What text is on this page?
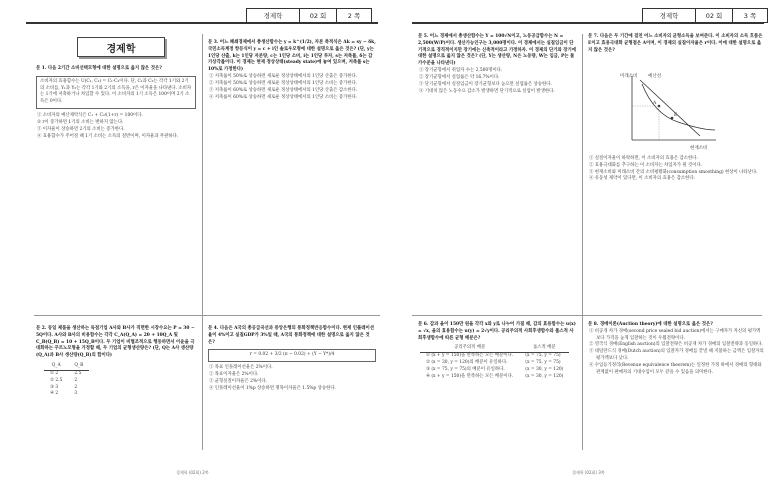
경제학	02 회	2 쪽
경제학
문 1. 다음 2기간 소비선택모형에 대한 설명으로 옳지 않은 것은?
소비자의 효용함수는 U(C₁, C₂) = C₁·C₂이다. 단, C₁과 C₂는 각각 1기와 2기의 소비를, Y₁과 Y₂는 각각 1기와 2기의 소득을, r은 이자율을 나타낸다. 소비자는 1기에 저축하거나 차입할 수 있다. 이 소비자의 1기 소득은 100이며 2기 소득은 0이다.
① 소비자의 예산제약식은 C₁ + C₂/(1+r) = 100이다.
② r이 증가하면 1기의 소비는 변하지 않는다.
③ 이자율이 상승하면 2기의 소비는 증가한다.
④ 효용함수가 주어질 때 1기 소비는 소득의 절반이며, 이자율과 무관하다.
문 3. 어느 폐쇄경제에서 총생산함수는 y = k^(1/2), 자본 축적식은 Δk = sy − δk, 국민소득계정 항등식이 y = c + i인 솔로우모형에 대한 설명으로 옳은 것은? (단, y는 1인당 산출, k는 1인당 자본량, c는 1인당 소비, i는 1인당 투자, s는 저축률, δ는 감가상각률이다. 이 경제는 현재 정상상태(steady state)에 놓여 있으며, 저축률 s는 10%로 가정한다)
① 저축률이 50%로 상승하면 새로운 정상상태에서의 1인당 산출은 증가한다.
② 저축률이 50%로 상승하면 새로운 정상상태에서의 1인당 소비는 증가한다.
③ 저축률이 60%로 상승하면 새로운 정상상태에서의 1인당 산출은 감소한다.
④ 저축률이 60%로 상승하면 새로운 정상상태에서의 1인당 소비는 증가한다.
문 2. 동일 제품을 생산하는 독점기업 A사와 B사가 직면한 시장수요는 P = 30 − 5Q이다. A사와 B사의 비용함수는 각각 C_A(Q_A) = 20 + 10Q_A 및 C_B(Q_B) = 10 + 15Q_B이다. 두 기업이 비협조적으로 행동하면서 이윤을 극대화하는 꾸르노모형을 가정할 때, 두 기업의 균형생산량은? (단, Q는 A사 생산량(Q_A)과 B사 생산량(Q_B)의 합이다)
Q_A	Q_B
① 2	2.5
② 2.5	2
③ 3	2
④ 2	3
문 4. 다음은 A국의 총공급곡선과 중앙은행의 통화정책반응함수이다. 현재 인플레이션율이 4%이고 실질GDP가 3%일 때, A국의 통화정책에 대한 설명으로 옳지 않은 것은?
r = 0.02 + 3/2 (π − 0.02) + (Y − Y*)/4
① 목표 인플레이션율은 2%이다.
② 목표이자율은 2%이다.
③ 균형실질이자율은 2%이다.
④ 인플레이션율이 1%p 상승하면 명목이자율은 1.5%p 상승한다.
경제학 (02회) 2쪽
경제학	02 회	3 쪽
문 5. 어느 경제에서 총생산함수는 Y = 100√N이고, 노동공급함수는 N = 2,500(W/P)이다. 생산가능인구는 3,000명이다. 이 경제에서는 실질임금이 단기적으로 경직적이지만 장기에는 신축적이라고 가정하자. 이 경제의 단기와 장기에 대한 설명으로 옳지 않은 것은? (단, Y는 생산량, N은 노동량, W는 임금, P는 물가수준을 나타낸다)
① 장기균형에서 취업자 수는 2,500명이다.
② 장기균형에서 실업률은 약 16.7%이다.
③ 단기균형에서 실질임금이 장기균형보다 높으면 실업률은 상승한다.
④ 기대치 않은 노동수요 감소가 발생하면 단기적으로 실업이 발생한다.
문 7. 다음은 두 기간에 걸친 어느 소비자의 균형소득을 보여준다. 이 소비자의 소득 흐름은 E이고 효용극대화 균형점은 A이며, 이 경제의 실질이자율은 r이다. 이에 대한 설명으로 옳지 않은 것은?
미래소비 예산선
A
E
현재소비
① 실질이자율이 하락하면, 이 소비자의 효용은 감소한다.
② 효용극대화를 추구하는 이 소비자는 차입자가 될 것이다.
③ 현재소비와 미래소비 간의 소비평활화(consumption smoothing) 현상이 나타난다.
④ 유동성 제약이 있다면, 이 소비자의 효용은 감소한다.
문 6. 갑과 을이 150만 원을 각각 x와 y로 나누어 가질 때, 갑의 효용함수는 u(x) = √x, 을의 효용함수는 u(y) = 2√y이다. 공리주의적 사회후생함수와 롤스적 사회후생함수에 따른 균형 배분은?
공리주의적 배분	롤스적 배분
① (x + y = 150)을 만족하는 모든 배분이다.	(x = 75, y = 75)
② (x = 30, y = 120)의 배분이 유일하다.	(x = 75, y = 75)
③ (x = 75, y = 75)의 배분이 유일하다.	(x = 30, y = 120)
④ (x + y = 150)을 만족하는 모든 배분이다.	(x = 30, y = 120)
문 8. 경매이론(Auction theory)에 대한 설명으로 옳은 것은?
① 비공개 차가 경매(second price sealed bid auction)에서는 구매자가 자신의 평가액보다 가격을 높게 입찰하는 것이 우월전략이다.
② 영국식 경매(English auction)의 입찰전략은 비공개 차가 경매의 입찰전략과 동일하다.
③ 네덜란드식 경매(Dutch auction)의 입찰자가 경매를 끝낼 때 지불하는 금액은 입찰자의 평가액보다 낮다.
④ 수입등가정리(Revenue equivalence theorem)는 일정한 가정 하에서 경매의 형태와 관계없이 판매자의 기대수입이 모두 같을 수 있음을 의미한다.
경제학 (02회) 3쪽
